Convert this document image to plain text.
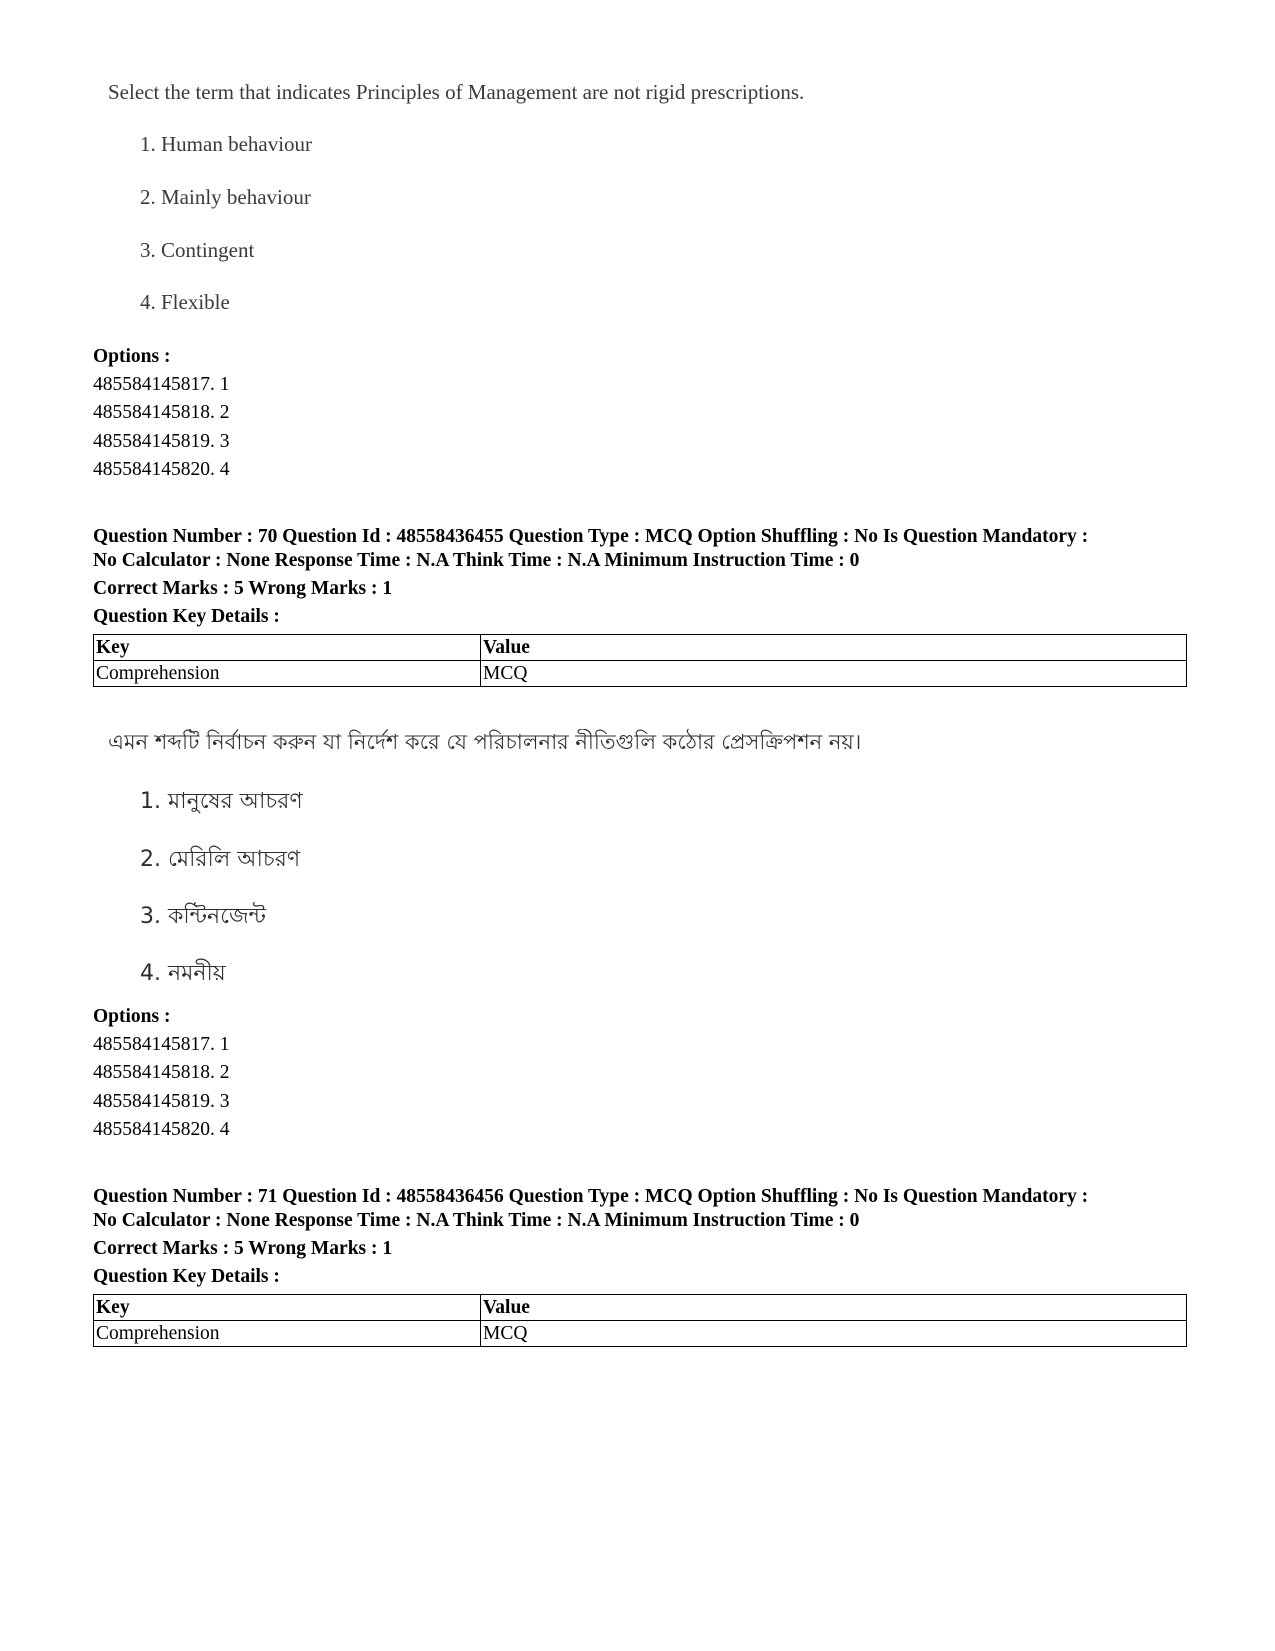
Select the term that indicates Principles of Management are not rigid prescriptions.
1. Human behaviour
2. Mainly behaviour
3. Contingent
4. Flexible
Options :
485584145817. 1
485584145818. 2
485584145819. 3
485584145820. 4
Question Number : 70 Question Id : 48558436455 Question Type : MCQ Option Shuffling : No Is Question Mandatory :
No Calculator : None Response Time : N.A Think Time : N.A Minimum Instruction Time : 0
Correct Marks : 5 Wrong Marks : 1
Question Key Details :
Key	Value
Comprehension	MCQ
এমন শব্দটি নির্বাচন করুন যা নির্দেশ করে যে পরিচালনার নীতিগুলি কঠোর প্রেসক্রিপশন নয়।
1. মানুষের আচরণ
2. মেরিলি আচরণ
3. কন্টিনজেন্ট
4. নমনীয়
Options :
485584145817. 1
485584145818. 2
485584145819. 3
485584145820. 4
Question Number : 71 Question Id : 48558436456 Question Type : MCQ Option Shuffling : No Is Question Mandatory :
No Calculator : None Response Time : N.A Think Time : N.A Minimum Instruction Time : 0
Correct Marks : 5 Wrong Marks : 1
Question Key Details :
Key	Value
Comprehension	MCQ
